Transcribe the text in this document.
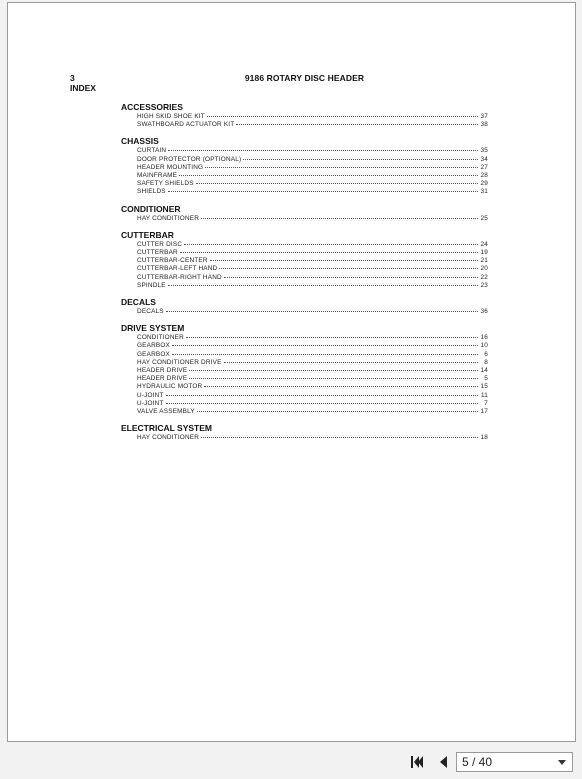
3
INDEX
9186 ROTARY DISC HEADER
ACCESSORIES
HIGH SKID SHOE KIT	37
SWATHBOARD ACTUATOR KIT	38
CHASSIS
CURTAIN	35
DOOR PROTECTOR (OPTIONAL)	34
HEADER MOUNTING	27
MAINFRAME	28
SAFETY SHIELDS	29
SHIELDS	31
CONDITIONER
HAY CONDITIONER	25
CUTTERBAR
CUTTER DISC	24
CUTTERBAR	19
CUTTERBAR-CENTER	21
CUTTERBAR-LEFT HAND	20
CUTTERBAR-RIGHT HAND	22
SPINDLE	23
DECALS
DECALS	36
DRIVE SYSTEM
CONDITIONER	16
GEARBOX	10
GEARBOX	6
HAY CONDITIONER DRIVE	8
HEADER DRIVE	14
HEADER DRIVE	5
HYDRAULIC MOTOR	15
U-JOINT	11
U-JOINT	7
VALVE ASSEMBLY	17
ELECTRICAL SYSTEM
HAY CONDITIONER	18
5 / 40
